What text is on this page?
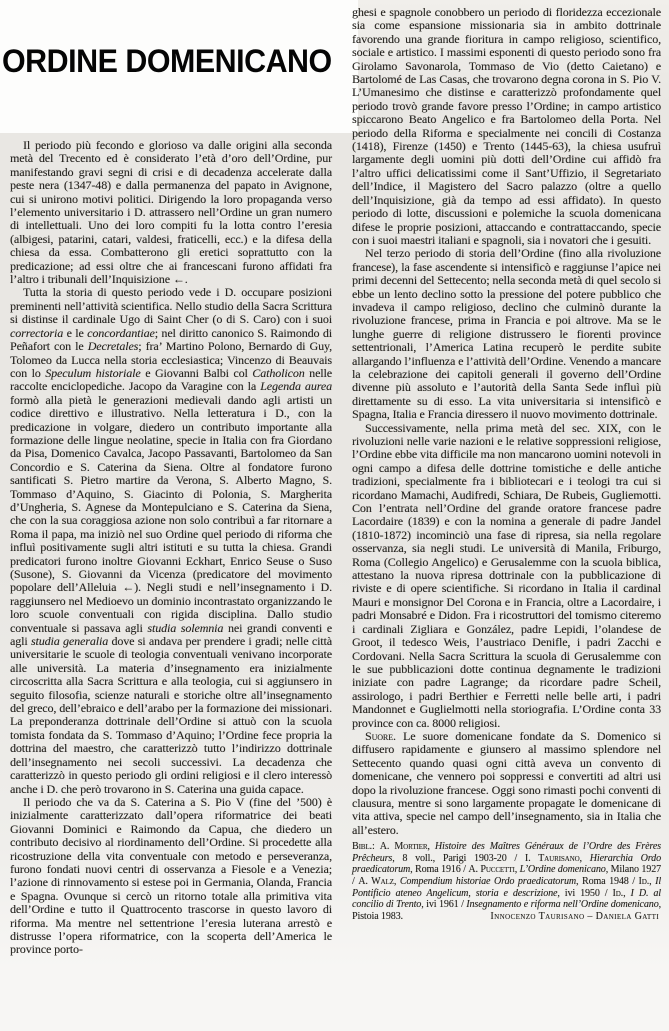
ORDINE DOMENICANO

Il periodo più fecondo e glorioso va dalle origini alla seconda metà del Trecento ed è considerato l’età d’oro dell’Ordine, pur manifestando gravi segni di crisi e di decadenza accelerate dalla peste nera (1347-48) e dalla permanenza del papato in Avignone, cui si unirono motivi politici. Dirigendo la loro propaganda verso l’elemento universitario i D. attrassero nell’Ordine un gran numero di intellettuali. Uno dei loro compiti fu la lotta contro l’eresia (albigesi, patarini, catari, valdesi, fraticelli, ecc.) e la difesa della chiesa da essa. Combatterono gli eretici soprattutto con la predicazione; ad essi oltre che ai francescani furono affidati fra l’altro i tribunali dell’Inquisizione ←.

Tutta la storia di questo periodo vede i D. occupare posizioni preminenti nell’attività scientifica. Nello studio della Sacra Scrittura si distinse il cardinale Ugo di Saint Cher (o di S. Caro) con i suoi correctoria e le concordantiae; nel diritto canonico S. Raimondo di Peñafort con le Decretales; fra’ Martino Polono, Bernardo di Guy, Tolomeo da Lucca nella storia ecclesiastica; Vincenzo di Beauvais con lo Speculum historiale e Giovanni Balbi col Catholicon nelle raccolte enciclopediche. Jacopo da Varagine con la Legenda aurea formò alla pietà le generazioni medievali dando agli artisti un codice direttivo e illustrativo. Nella letteratura i D., con la predicazione in volgare, diedero un contributo importante alla formazione delle lingue neolatine, specie in Italia con fra Giordano da Pisa, Domenico Cavalca, Jacopo Passavanti, Bartolomeo da San Concordio e S. Caterina da Siena. Oltre al fondatore furono santificati S. Pietro martire da Verona, S. Alberto Magno, S. Tommaso d’Aquino, S. Giacinto di Polonia, S. Margherita d’Ungheria, S. Agnese da Montepulciano e S. Caterina da Siena, che con la sua coraggiosa azione non solo contribuì a far ritornare a Roma il papa, ma iniziò nel suo Ordine quel periodo di riforma che influì positivamente sugli altri istituti e su tutta la chiesa. Grandi predicatori furono inoltre Giovanni Eckhart, Enrico Seuse o Suso (Susone), S. Giovanni da Vicenza (predicatore del movimento popolare dell’Alleluia ←). Negli studi e nell’insegnamento i D. raggiunsero nel Medioevo un dominio incontrastato organizzando le loro scuole conventuali con rigida disciplina. Dallo studio conventuale si passava agli studia solemnia nei grandi conventi e agli studia generalia dove si andava per prendere i gradi; nelle città universitarie le scuole di teologia conventuali venivano incorporate alle università. La materia d’insegnamento era inizialmente circoscritta alla Sacra Scrittura e alla teologia, cui si aggiunsero in seguito filosofia, scienze naturali e storiche oltre all’insegnamento del greco, dell’ebraico e dell’arabo per la formazione dei missionari. La preponderanza dottrinale dell’Ordine si attuò con la scuola tomista fondata da S. Tommaso d’Aquino; l’Ordine fece propria la dottrina del maestro, che caratterizzò tutto l’indirizzo dottrinale dell’insegnamento nei secoli successivi. La decadenza che caratterizzò in questo periodo gli ordini religiosi e il clero interessò anche i D. che però trovarono in S. Caterina una guida capace.

Il periodo che va da S. Caterina a S. Pio V (fine del ’500) è inizialmente caratterizzato dall’opera riformatrice dei beati Giovanni Dominici e Raimondo da Capua, che diedero un contributo decisivo al riordinamento dell’Ordine. Si procedette alla ricostruzione della vita conventuale con metodo e perseveranza, furono fondati nuovi centri di osservanza a Fiesole e a Venezia; l’azione di rinnovamento si estese poi in Germania, Olanda, Francia e Spagna. Ovunque si cercò un ritorno totale alla primitiva vita dell’Ordine e tutto il Quattrocento trascorse in questo lavoro di riforma. Ma mentre nel settentrione l’eresia luterana arrestò e distrusse l’opera riformatrice, con la scoperta dell’America le province porto-

ghesi e spagnole conobbero un periodo di floridezza eccezionale sia come espansione missionaria sia in ambito dottrinale favorendo una grande fioritura in campo religioso, scientifico, sociale e artistico. I massimi esponenti di questo periodo sono fra Girolamo Savonarola, Tommaso de Vio (detto Caietano) e Bartolomé de Las Casas, che trovarono degna corona in S. Pio V. L’Umanesimo che distinse e caratterizzò profondamente quel periodo trovò grande favore presso l’Ordine; in campo artistico spiccarono Beato Angelico e fra Bartolomeo della Porta. Nel periodo della Riforma e specialmente nei concili di Costanza (1418), Firenze (1450) e Trento (1445-63), la chiesa usufruì largamente degli uomini più dotti dell’Ordine cui affidò fra l’altro uffici delicatissimi come il Sant’Uffizio, il Segretariato dell’Indice, il Magistero del Sacro palazzo (oltre a quello dell’Inquisizione, già da tempo ad essi affidato). In questo periodo di lotte, discussioni e polemiche la scuola domenicana difese le proprie posizioni, attaccando e contrattaccando, specie con i suoi maestri italiani e spagnoli, sia i novatori che i gesuiti.

Nel terzo periodo di storia dell’Ordine (fino alla rivoluzione francese), la fase ascendente si intensificò e raggiunse l’apice nei primi decenni del Settecento; nella seconda metà di quel secolo si ebbe un lento declino sotto la pressione del potere pubblico che invadeva il campo religioso, declino che culminò durante la rivoluzione francese, prima in Francia e poi altrove. Ma se le lunghe guerre di religione distrussero le fiorenti province settentrionali, l’America Latina recuperò le perdite subite allargando l’influenza e l’attività dell’Ordine. Venendo a mancare la celebrazione dei capitoli generali il governo dell’Ordine divenne più assoluto e l’autorità della Santa Sede influì più direttamente su di esso. La vita universitaria si intensificò e Spagna, Italia e Francia diressero il nuovo movimento dottrinale.

Successivamente, nella prima metà del sec. XIX, con le rivoluzioni nelle varie nazioni e le relative soppressioni religiose, l’Ordine ebbe vita difficile ma non mancarono uomini notevoli in ogni campo a difesa delle dottrine tomistiche e delle antiche tradizioni, specialmente fra i bibliotecari e i teologi tra cui si ricordano Mamachi, Audifredi, Schiara, De Rubeis, Gugliemotti. Con l’entrata nell’Ordine del grande oratore francese padre Lacordaire (1839) e con la nomina a generale di padre Jandel (1810-1872) incominciò una fase di ripresa, sia nella regolare osservanza, sia negli studi. Le università di Manila, Friburgo, Roma (Collegio Angelico) e Gerusalemme con la scuola biblica, attestano la nuova ripresa dottrinale con la pubblicazione di riviste e di opere scientifiche. Si ricordano in Italia il cardinal Mauri e monsignor Del Corona e in Francia, oltre a Lacordaire, i padri Monsabré e Didon. Fra i ricostruttori del tomismo citeremo i cardinali Zigliara e González, padre Lepidi, l’olandese de Groot, il tedesco Weis, l’austriaco Denifle, i padri Zacchi e Cordovani. Nella Sacra Scrittura la scuola di Gerusalemme con le sue pubblicazioni dotte continua degnamente le tradizioni iniziate con padre Lagrange; da ricordare padre Scheil, assirologo, i padri Berthier e Ferretti nelle belle arti, i padri Mandonnet e Guglielmotti nella storiografia. L’Ordine conta 33 province con ca. 8000 religiosi.

Suore. Le suore domenicane fondate da S. Domenico si diffusero rapidamente e giunsero al massimo splendore nel Settecento quando quasi ogni città aveva un convento di domenicane, che vennero poi soppressi e convertiti ad altri usi dopo la rivoluzione francese. Oggi sono rimasti pochi conventi di clausura, mentre si sono largamente propagate le domenicane di vita attiva, specie nel campo dell’insegnamento, sia in Italia che all’estero.

Bibl.: A. Mortier, Histoire des Maîtres Généraux de l’Ordre des Frères Prêcheurs, 8 voll., Parigi 1903-20 / I. Taurisano, Hierarchia Ordo praedicatorum, Roma 1916 / A. Puccetti, L’Ordine domenicano, Milano 1927 / A. Walz, Compendium historiae Ordo praedicatorum, Roma 1948 / Id., Il Pontificio ateneo Angelicum, storia e descrizione, ivi 1950 / Id., I D. al concilio di Trento, ivi 1961 / Insegnamento e riforma nell’Ordine domenicano, Pistoia 1983.	Innocenzo Taurisano – Daniela Gatti
